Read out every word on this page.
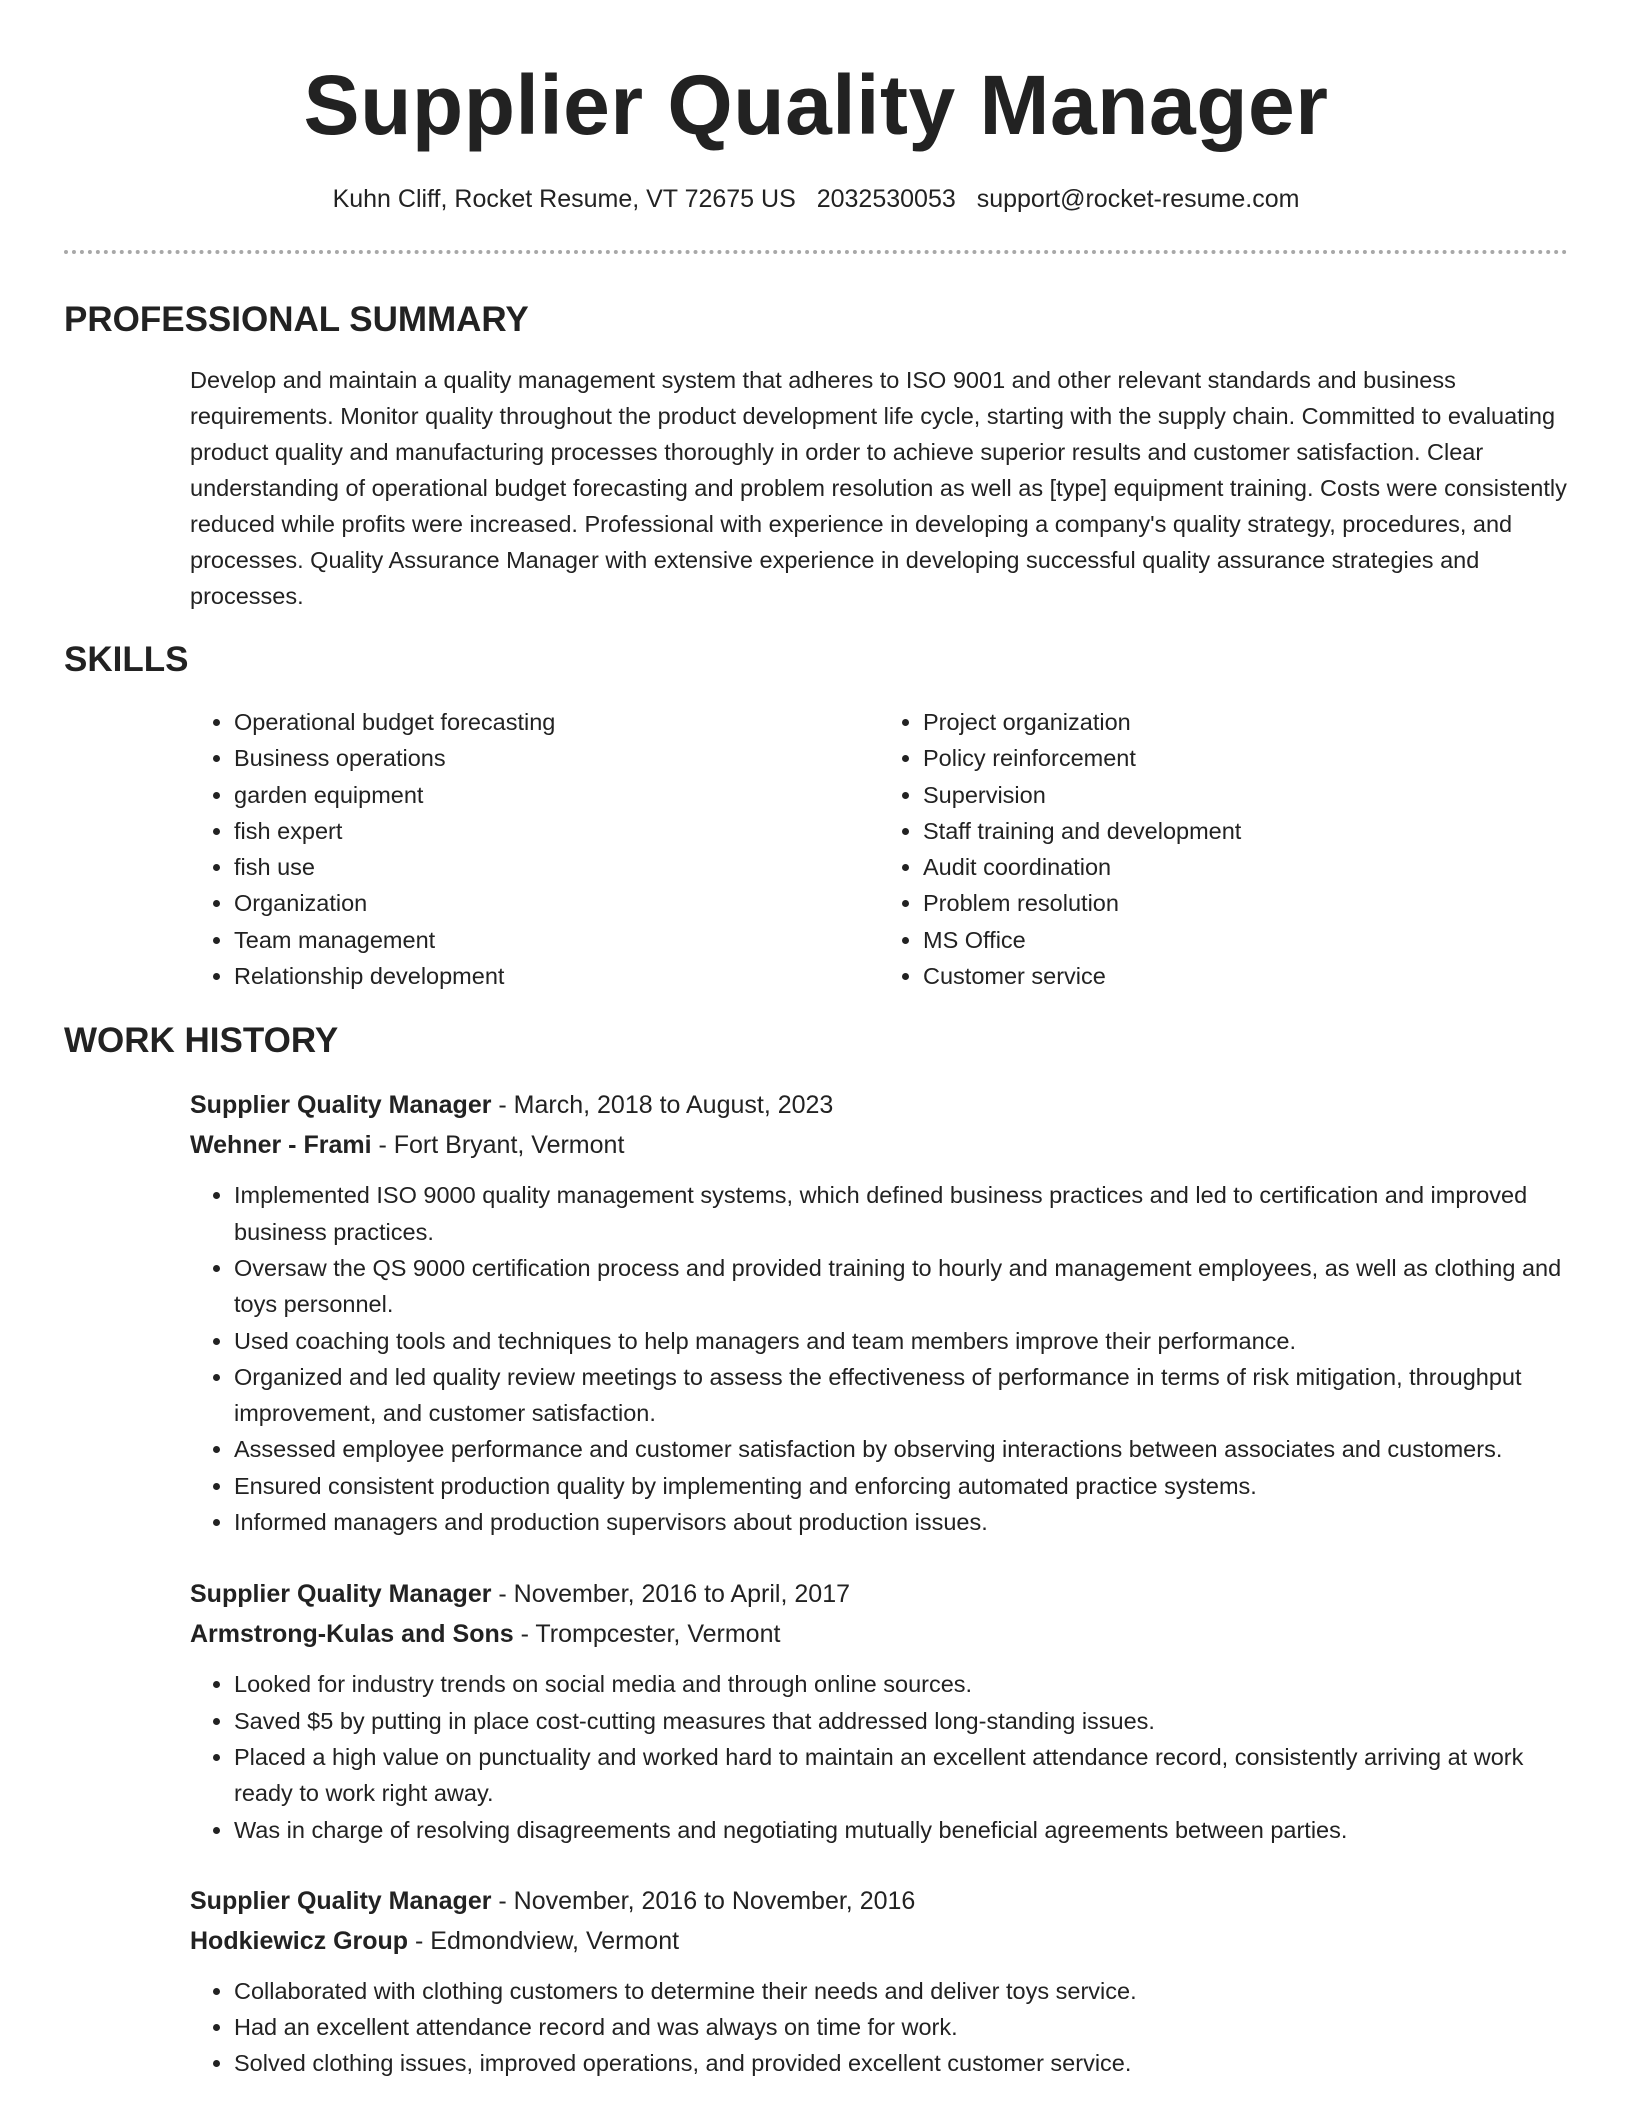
Supplier Quality Manager
Kuhn Cliff, Rocket Resume, VT 72675 US 2032530053 support@rocket-resume.com
PROFESSIONAL SUMMARY
Develop and maintain a quality management system that adheres to ISO 9001 and other relevant standards and business requirements. Monitor quality throughout the product development life cycle, starting with the supply chain. Committed to evaluating product quality and manufacturing processes thoroughly in order to achieve superior results and customer satisfaction. Clear understanding of operational budget forecasting and problem resolution as well as [type] equipment training. Costs were consistently reduced while profits were increased. Professional with experience in developing a company's quality strategy, procedures, and processes. Quality Assurance Manager with extensive experience in developing successful quality assurance strategies and processes.
SKILLS
• Operational budget forecasting
• Business operations
• garden equipment
• fish expert
• fish use
• Organization
• Team management
• Relationship development
• Project organization
• Policy reinforcement
• Supervision
• Staff training and development
• Audit coordination
• Problem resolution
• MS Office
• Customer service
WORK HISTORY
Supplier Quality Manager - March, 2018 to August, 2023
Wehner - Frami - Fort Bryant, Vermont
• Implemented ISO 9000 quality management systems, which defined business practices and led to certification and improved business practices.
• Oversaw the QS 9000 certification process and provided training to hourly and management employees, as well as clothing and toys personnel.
• Used coaching tools and techniques to help managers and team members improve their performance.
• Organized and led quality review meetings to assess the effectiveness of performance in terms of risk mitigation, throughput improvement, and customer satisfaction.
• Assessed employee performance and customer satisfaction by observing interactions between associates and customers.
• Ensured consistent production quality by implementing and enforcing automated practice systems.
• Informed managers and production supervisors about production issues.
Supplier Quality Manager - November, 2016 to April, 2017
Armstrong-Kulas and Sons - Trompcester, Vermont
• Looked for industry trends on social media and through online sources.
• Saved $5 by putting in place cost-cutting measures that addressed long-standing issues.
• Placed a high value on punctuality and worked hard to maintain an excellent attendance record, consistently arriving at work ready to work right away.
• Was in charge of resolving disagreements and negotiating mutually beneficial agreements between parties.
Supplier Quality Manager - November, 2016 to November, 2016
Hodkiewicz Group - Edmondview, Vermont
• Collaborated with clothing customers to determine their needs and deliver toys service.
• Had an excellent attendance record and was always on time for work.
• Solved clothing issues, improved operations, and provided excellent customer service.
